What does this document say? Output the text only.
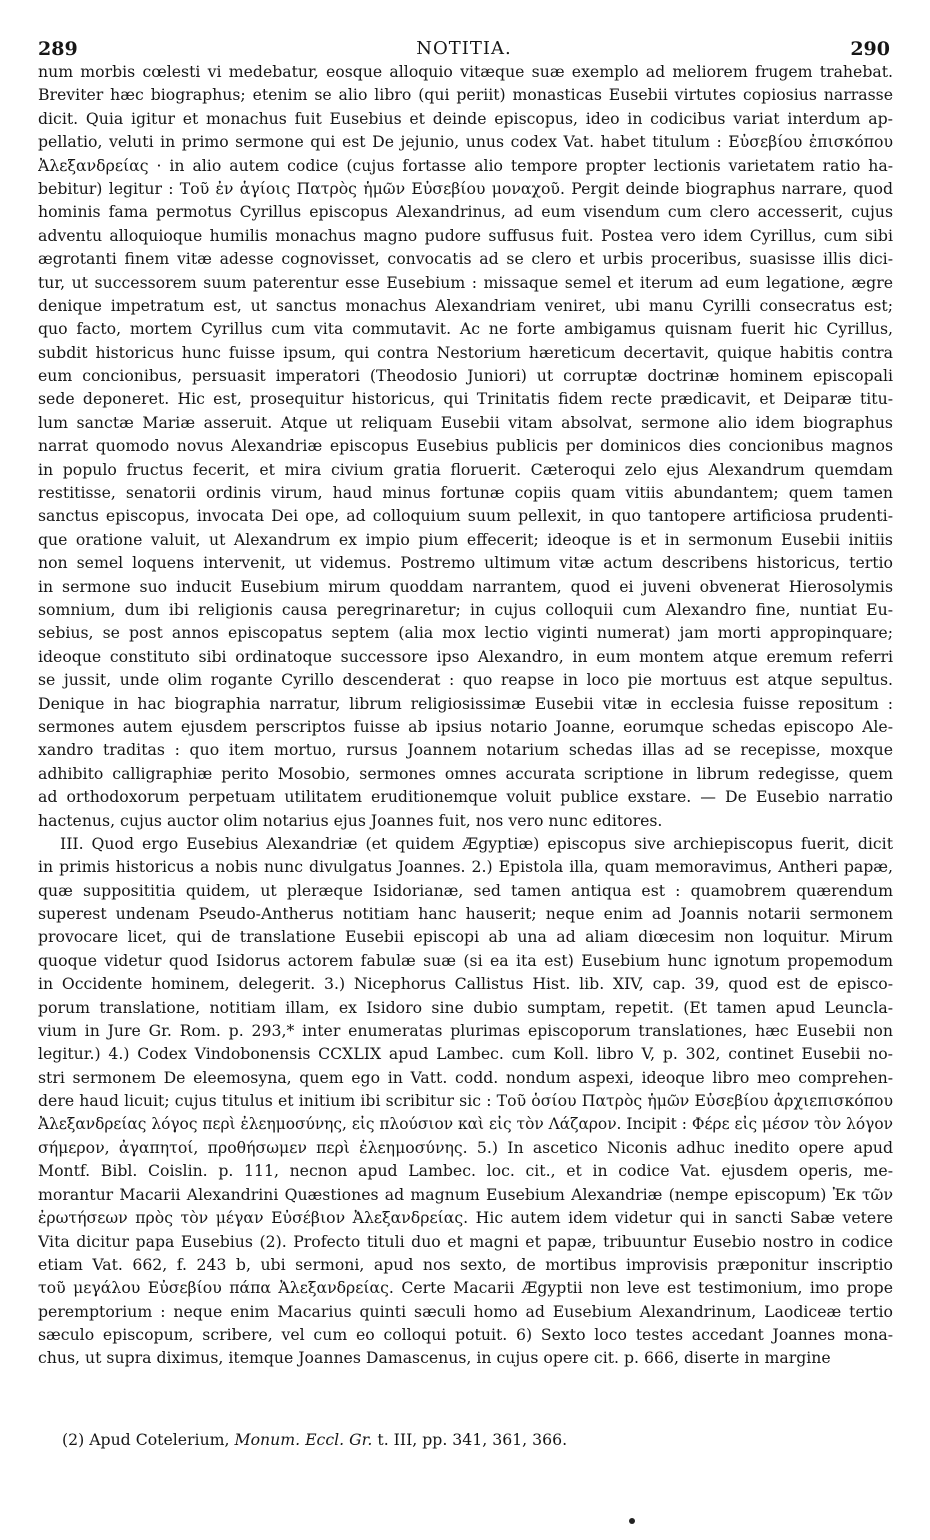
289	NOTITIA.	290
num morbis cœlesti vi medebatur, eosque alloquio vitæque suæ exemplo ad meliorem frugem trahebat.
Breviter hæc biographus; etenim se alio libro (qui periit) monasticas Eusebii virtutes copiosius narrasse
dicit. Quia igitur et monachus fuit Eusebius et deinde episcopus, ideo in codicibus variat interdum ap-
pellatio, veluti in primo sermone qui est De jejunio, unus codex Vat. habet titulum : Εὐσεβίου ἐπισκόπου
Ἀλεξανδρείας · in alio autem codice (cujus fortasse alio tempore propter lectionis varietatem ratio ha-
bebitur) legitur : Τοῦ ἐν ἁγίοις Πατρὸς ἡμῶν Εὐσεβίου μοναχοῦ. Pergit deinde biographus narrare, quod
hominis fama permotus Cyrillus episcopus Alexandrinus, ad eum visendum cum clero accesserit, cujus
adventu alloquioque humilis monachus magno pudore suffusus fuit. Postea vero idem Cyrillus, cum sibi
ægrotanti finem vitæ adesse cognovisset, convocatis ad se clero et urbis proceribus, suasisse illis dici-
tur, ut successorem suum paterentur esse Eusebium : missaque semel et iterum ad eum legatione, ægre
denique impetratum est, ut sanctus monachus Alexandriam veniret, ubi manu Cyrilli consecratus est;
quo facto, mortem Cyrillus cum vita commutavit. Ac ne forte ambigamus quisnam fuerit hic Cyrillus,
subdit historicus hunc fuisse ipsum, qui contra Nestorium hæreticum decertavit, quique habitis contra
eum concionibus, persuasit imperatori (Theodosio Juniori) ut corruptæ doctrinæ hominem episcopali
sede deponeret. Hic est, prosequitur historicus, qui Trinitatis fidem recte prædicavit, et Deiparæ titu-
lum sanctæ Mariæ asseruit. Atque ut reliquam Eusebii vitam absolvat, sermone alio idem biographus
narrat quomodo novus Alexandriæ episcopus Eusebius publicis per dominicos dies concionibus magnos
in populo fructus fecerit, et mira civium gratia floruerit. Cæteroqui zelo ejus Alexandrum quemdam
restitisse, senatorii ordinis virum, haud minus fortunæ copiis quam vitiis abundantem; quem tamen
sanctus episcopus, invocata Dei ope, ad colloquium suum pellexit, in quo tantopere artificiosa prudenti-
que oratione valuit, ut Alexandrum ex impio pium effecerit; ideoque is et in sermonum Eusebii initiis
non semel loquens intervenit, ut videmus. Postremo ultimum vitæ actum describens historicus, tertio
in sermone suo inducit Eusebium mirum quoddam narrantem, quod ei juveni obvenerat Hierosolymis
somnium, dum ibi religionis causa peregrinaretur; in cujus colloquii cum Alexandro fine, nuntiat Eu-
sebius, se post annos episcopatus septem (alia mox lectio viginti numerat) jam morti appropinquare;
ideoque constituto sibi ordinatoque successore ipso Alexandro, in eum montem atque eremum referri
se jussit, unde olim rogante Cyrillo descenderat : quo reapse in loco pie mortuus est atque sepultus.
Denique in hac biographia narratur, librum religiosissimæ Eusebii vitæ in ecclesia fuisse repositum :
sermones autem ejusdem perscriptos fuisse ab ipsius notario Joanne, eorumque schedas episcopo Ale-
xandro traditas : quo item mortuo, rursus Joannem notarium schedas illas ad se recepisse, moxque
adhibito calligraphiæ perito Mosobio, sermones omnes accurata scriptione in librum redegisse, quem
ad orthodoxorum perpetuam utilitatem eruditionemque voluit publice exstare. — De Eusebio narratio
hactenus, cujus auctor olim notarius ejus Joannes fuit, nos vero nunc editores.
III. Quod ergo Eusebius Alexandriæ (et quidem Ægyptiæ) episcopus sive archiepiscopus fuerit, dicit
in primis historicus a nobis nunc divulgatus Joannes. 2.) Epistola illa, quam memoravimus, Antheri papæ,
quæ supposititia quidem, ut pleræque Isidorianæ, sed tamen antiqua est : quamobrem quærendum
superest undenam Pseudo-Antherus notitiam hanc hauserit; neque enim ad Joannis notarii sermonem
provocare licet, qui de translatione Eusebii episcopi ab una ad aliam diœcesim non loquitur. Mirum
quoque videtur quod Isidorus actorem fabulæ suæ (si ea ita est) Eusebium hunc ignotum propemodum
in Occidente hominem, delegerit. 3.) Nicephorus Callistus Hist. lib. XIV, cap. 39, quod est de episco-
porum translatione, notitiam illam, ex Isidoro sine dubio sumptam, repetit. (Et tamen apud Leuncla-
vium in Jure Gr. Rom. p. 293,* inter enumeratas plurimas episcoporum translationes, hæc Eusebii non
legitur.) 4.) Codex Vindobonensis CCXLIX apud Lambec. cum Koll. libro V, p. 302, continet Eusebii no-
stri sermonem De eleemosyna, quem ego in Vatt. codd. nondum aspexi, ideoque libro meo comprehen-
dere haud licuit; cujus titulus et initium ibi scribitur sic : Τοῦ ὁσίου Πατρὸς ἡμῶν Εὐσεβίου ἀρχιεπισκόπου
Ἀλεξανδρείας λόγος περὶ ἐλεημοσύνης, εἰς πλούσιον καὶ εἰς τὸν Λάζαρον. Incipit : Φέρε εἰς μέσον τὸν λόγον
σήμερον, ἀγαπητοί, προθήσωμεν περὶ ἐλεημοσύνης. 5.) In ascetico Niconis adhuc inedito opere apud
Montf. Bibl. Coislin. p. 111, necnon apud Lambec. loc. cit., et in codice Vat. ejusdem operis, me-
morantur Macarii Alexandrini Quæstiones ad magnum Eusebium Alexandriæ (nempe episcopum) Ἐκ τῶν
ἐρωτήσεων πρὸς τὸν μέγαν Εὐσέβιον Ἀλεξανδρείας. Hic autem idem videtur qui in sancti Sabæ vetere
Vita dicitur papa Eusebius (2). Profecto tituli duo et magni et papæ, tribuuntur Eusebio nostro in codice
etiam Vat. 662, f. 243 b, ubi sermoni, apud nos sexto, de mortibus improvisis præponitur inscriptio
τοῦ μεγάλου Εὐσεβίου πάπα Ἀλεξανδρείας. Certe Macarii Ægyptii non leve est testimonium, imo prope
peremptorium : neque enim Macarius quinti sæculi homo ad Eusebium Alexandrinum, Laodiceæ tertio
sæculo episcopum, scribere, vel cum eo colloqui potuit. 6) Sexto loco testes accedant Joannes mona-
chus, ut supra diximus, itemque Joannes Damascenus, in cujus opere cit. p. 666, diserte in margine
(2) Apud Cotelerium, Monum. Eccl. Gr. t. III, pp. 341, 361, 366.
